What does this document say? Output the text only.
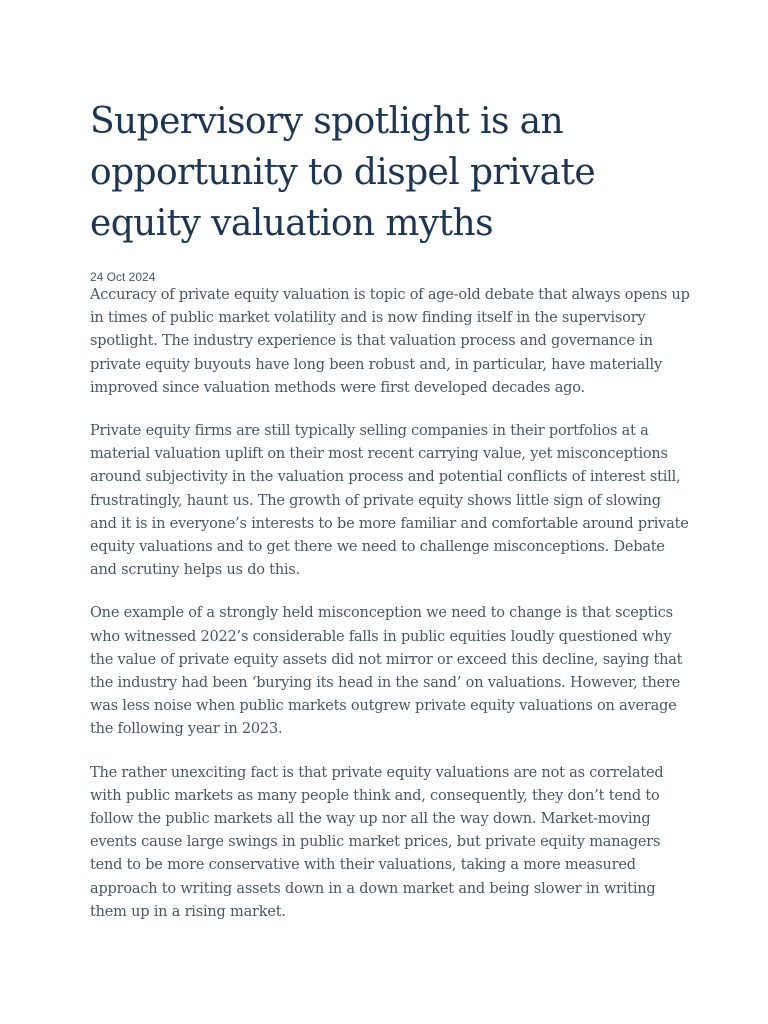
Supervisory spotlight is an opportunity to dispel private equity valuation myths
24 Oct 2024

Accuracy of private equity valuation is topic of age-old debate that always opens up in times of public market volatility and is now finding itself in the supervisory spotlight. The industry experience is that valuation process and governance in private equity buyouts have long been robust and, in particular, have materially improved since valuation methods were first developed decades ago.

Private equity firms are still typically selling companies in their portfolios at a material valuation uplift on their most recent carrying value, yet misconceptions around subjectivity in the valuation process and potential conflicts of interest still, frustratingly, haunt us. The growth of private equity shows little sign of slowing and it is in everyone’s interests to be more familiar and comfortable around private equity valuations and to get there we need to challenge misconceptions. Debate and scrutiny helps us do this.

One example of a strongly held misconception we need to change is that sceptics who witnessed 2022’s considerable falls in public equities loudly questioned why the value of private equity assets did not mirror or exceed this decline, saying that the industry had been ‘burying its head in the sand’ on valuations. However, there was less noise when public markets outgrew private equity valuations on average the following year in 2023.

The rather unexciting fact is that private equity valuations are not as correlated with public markets as many people think and, consequently, they don’t tend to follow the public markets all the way up nor all the way down. Market-moving events cause large swings in public market prices, but private equity managers tend to be more conservative with their valuations, taking a more measured approach to writing assets down in a down market and being slower in writing them up in a rising market.
